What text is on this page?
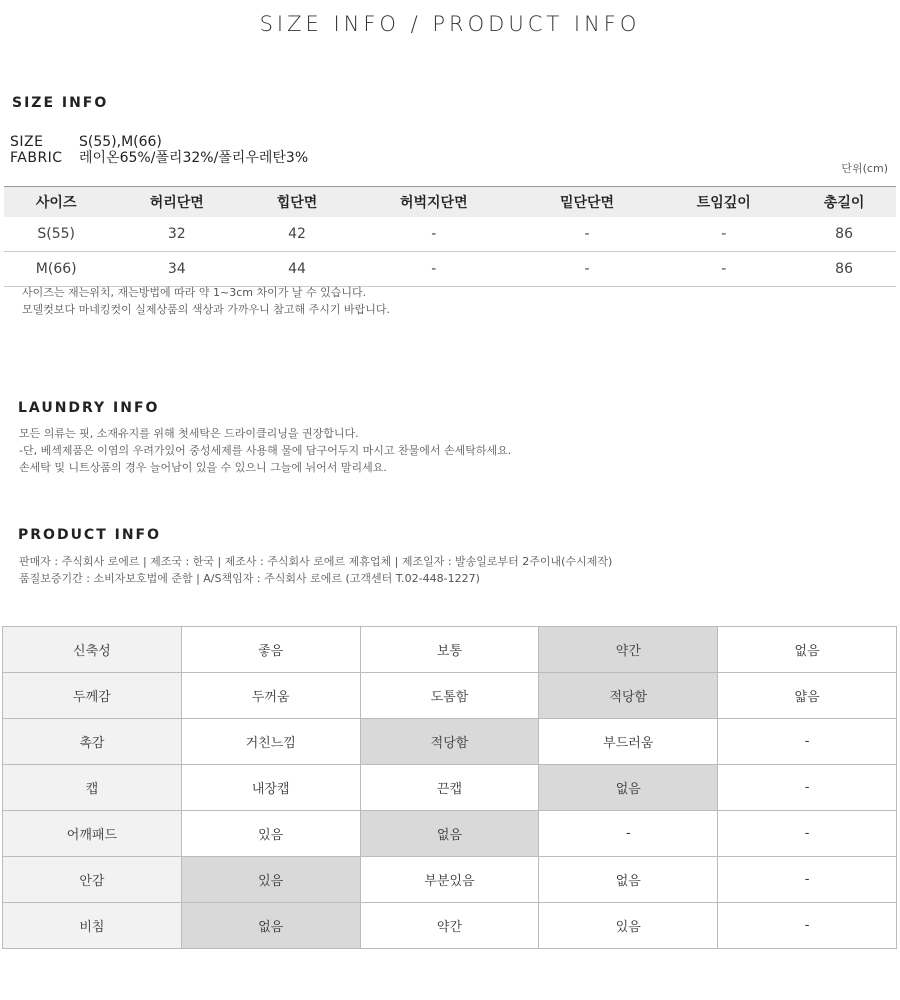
SIZE INFO / PRODUCT INFO
SIZE INFO
SIZE	S(55),M(66)
FABRIC 레이온65%/폴리32%/폴리우레탄3%
단위(cm)
사이즈	허리단면	힙단면	허벅지단면	밑단단면	트임깊이	총길이
S(55)	32	42	-	-	-	86
M(66)	34	44	-	-	-	86
사이즈는 재는위치, 재는방법에 따라 약 1~3cm 차이가 날 수 있습니다.
모델컷보다 마네킹컷이 실제상품의 색상과 가까우니 참고해 주시기 바랍니다.
LAUNDRY INFO
모든 의류는 핏, 소재유지를 위해 첫세탁은 드라이클리닝을 권장합니다.
-단, 베섹제품은 이염의 우려가있어 중성세제를 사용해 물에 담구어두지 마시고 찬물에서 손세탁하세요.
손세탁 및 니트상품의 경우 늘어남이 있을 수 있으니 그늘에 뉘어서 말리세요.
PRODUCT INFO
판매자 : 주식회사 로에르 | 제조국 : 한국 | 제조사 : 주식회사 로에르 제휴업체 | 제조일자 : 발송일로부터 2주이내(수시제작)
품질보증기간 : 소비자보호법에 준함 | A/S책임자 : 주식회사 로에르 (고객센터 T.02-448-1227)
신축성	좋음	보통	약간	없음
두께감	두꺼움	도톰함	적당함	얇음
촉감	거친느낌	적당함	부드러움	-
캡	내장캡	끈캡	없음	-
어깨패드	있음	없음	-	-
안감	있음	부분있음	없음	-
비침	없음	약간	있음	-
